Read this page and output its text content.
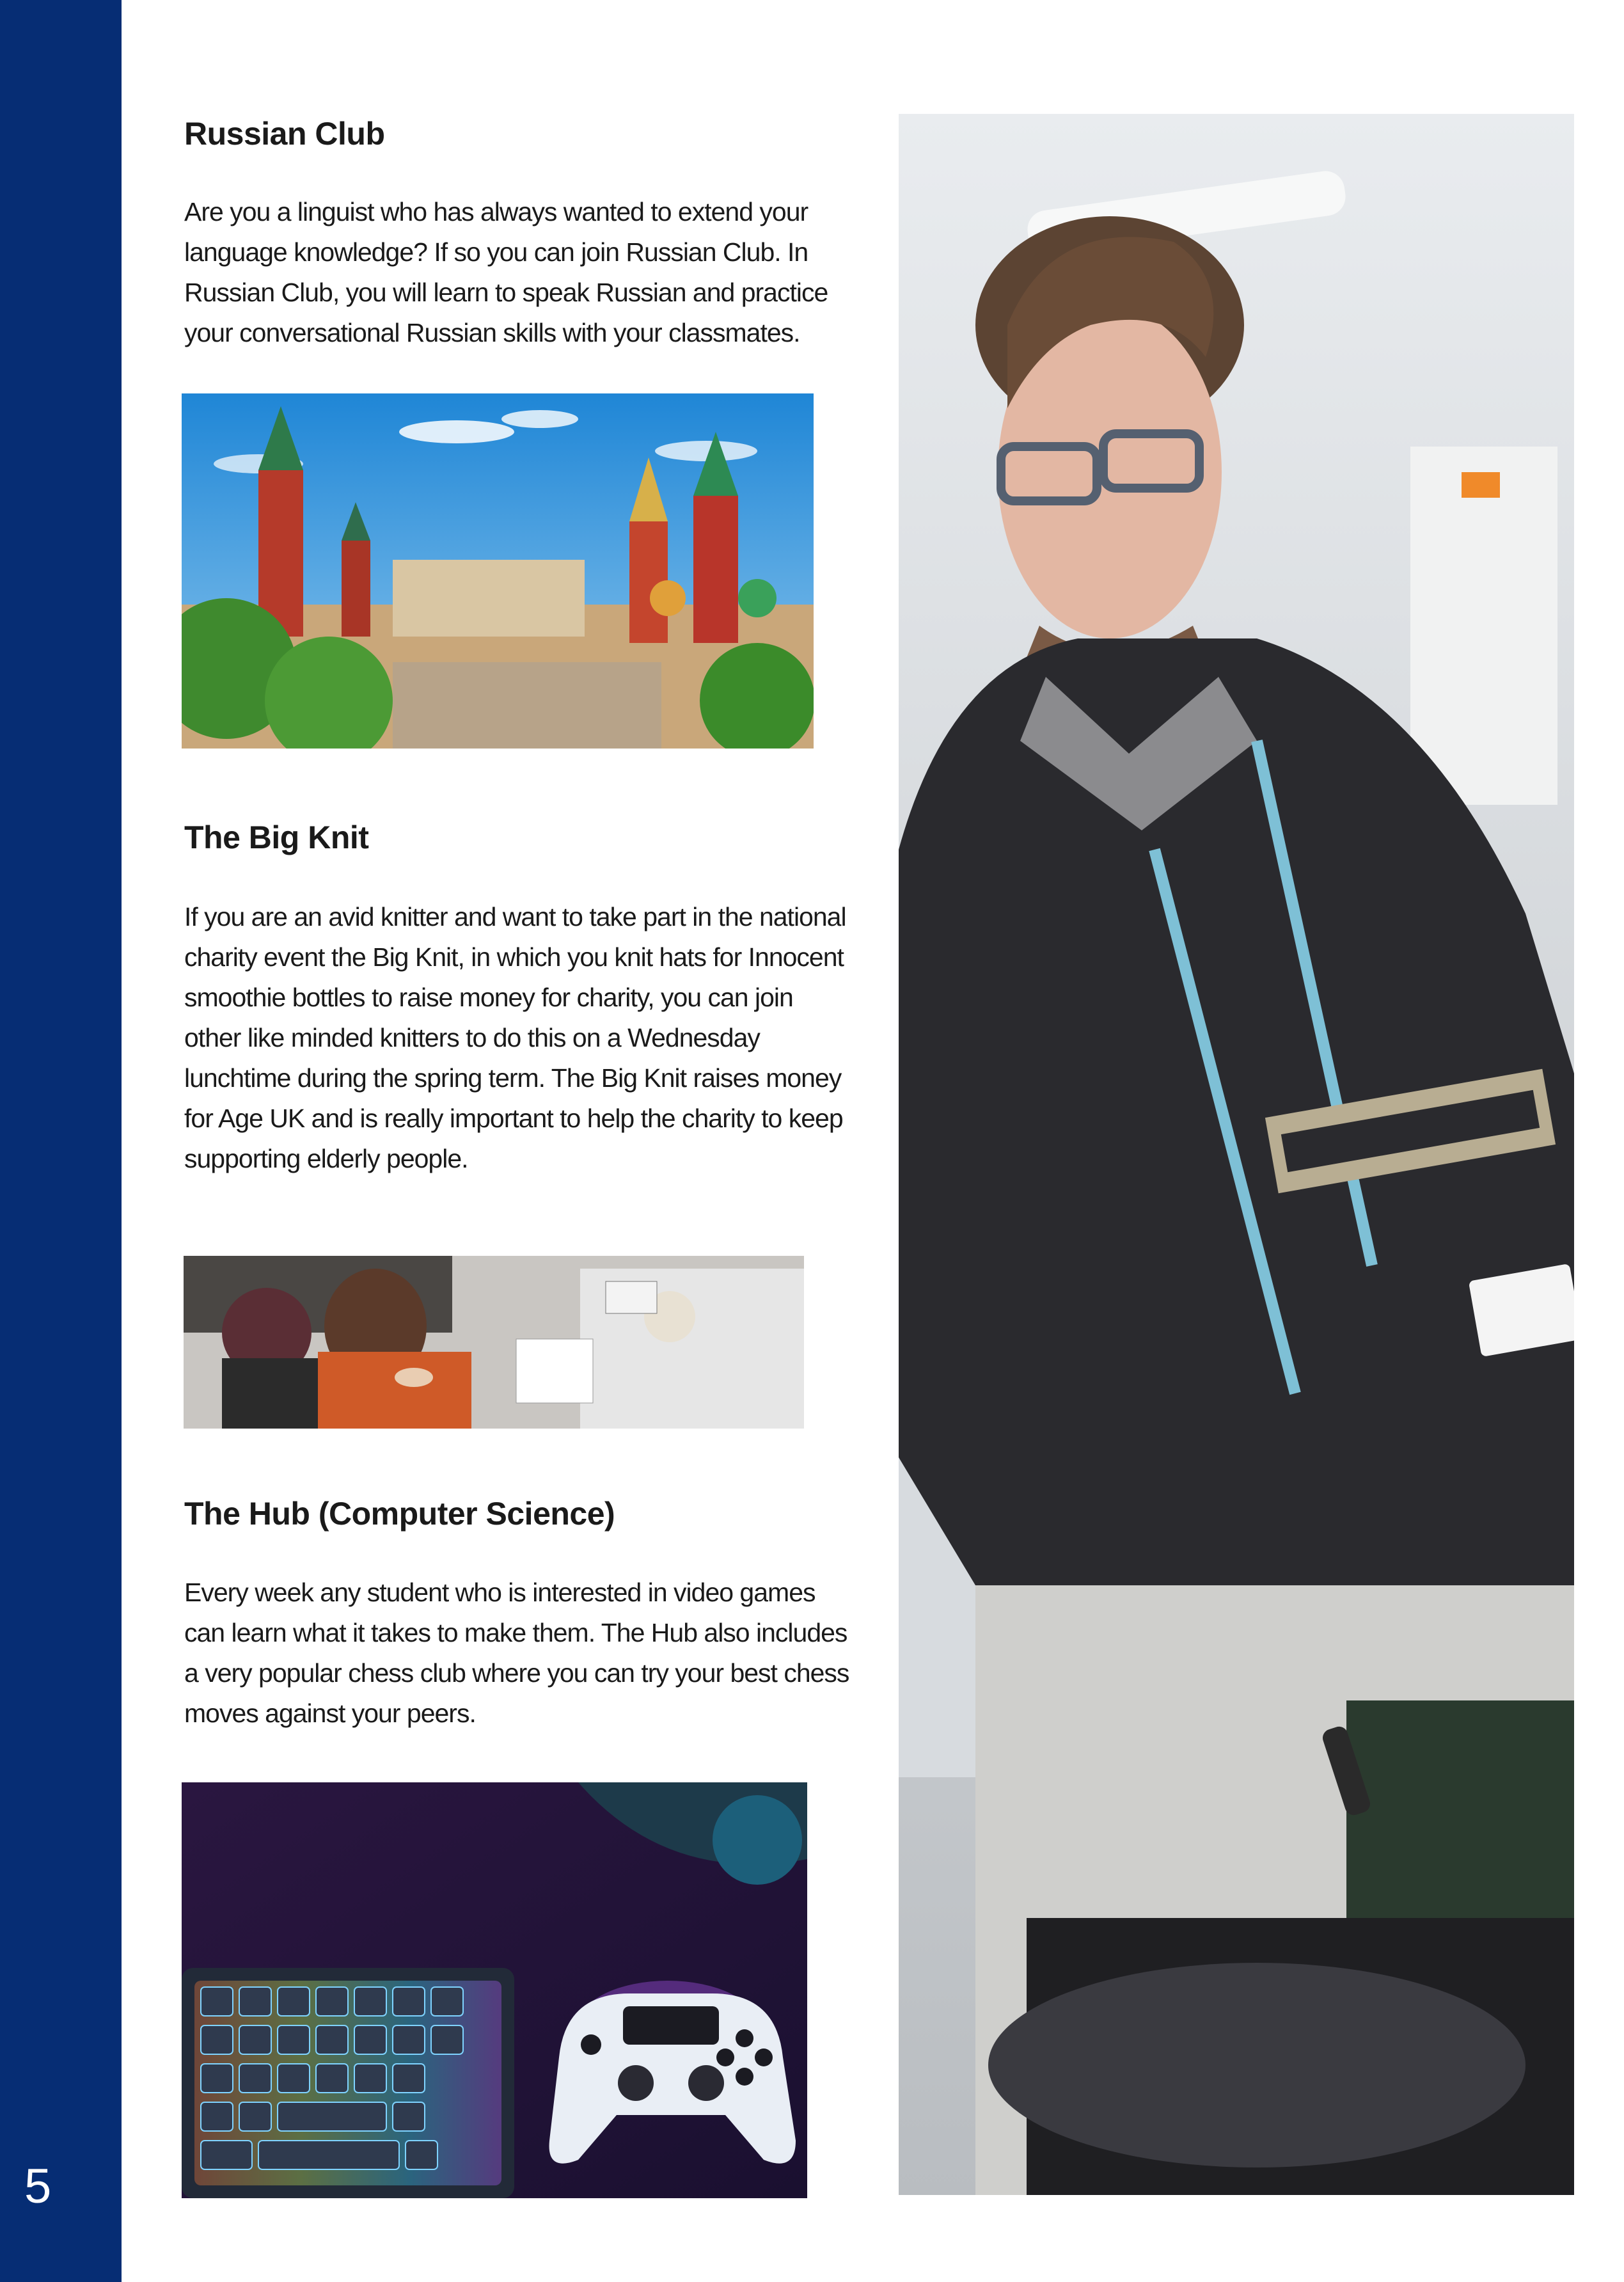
5
Russian Club

Are you a linguist who has always wanted to extend your language knowledge? If so you can join Russian Club. In Russian Club, you will learn to speak Russian and practice your conversational Russian skills with your classmates.

The Big Knit

If you are an avid knitter and want to take part in the national charity event the Big Knit, in which you knit hats for Innocent smoothie bottles to raise money for charity, you can join other like minded knitters to do this on a Wednesday lunchtime during the spring term. The Big Knit raises money for Age UK and is really important to help the charity to keep supporting elderly people.

The Hub (Computer Science)

Every week any student who is interested in video games can learn what it takes to make them. The Hub also includes a very popular chess club where you can try your best chess moves against your peers.
